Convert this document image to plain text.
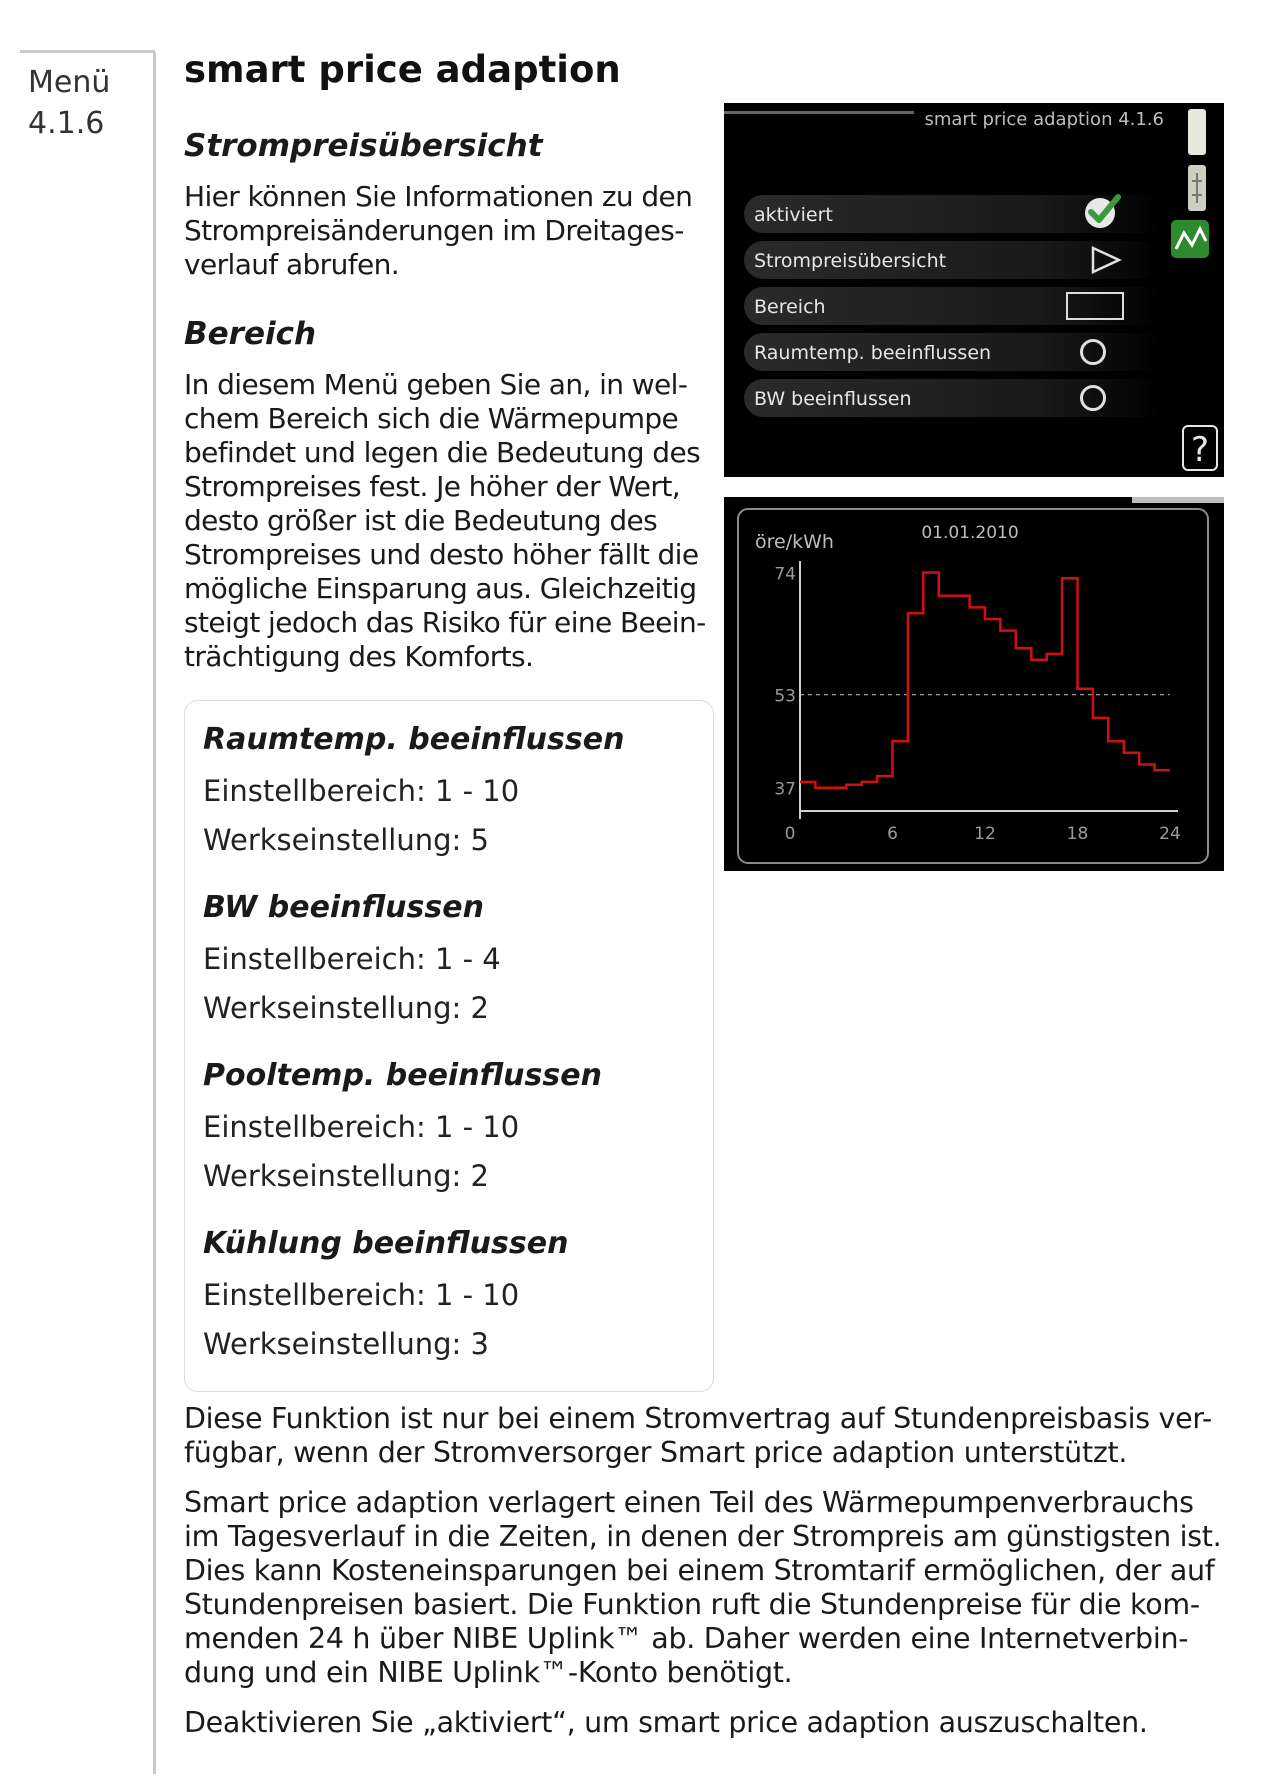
Menü
4.1.6
smart price adaption

Strompreisübersicht

Hier können Sie Informationen zu den

Strompreisänderungen im Dreitages-

verlauf abrufen.

Bereich

In diesem Menü geben Sie an, in wel-

chem Bereich sich die Wärmepumpe

befindet und legen die Bedeutung des

Strompreises fest. Je höher der Wert,

desto größer ist die Bedeutung des

Strompreises und desto höher fällt die

mögliche Einsparung aus. Gleichzeitig

steigt jedoch das Risiko für eine Beein-

trächtigung des Komforts.

Raumtemp. beeinflussen

Einstellbereich: 1 - 10

Werkseinstellung: 5

BW beeinflussen

Einstellbereich: 1 - 4

Werkseinstellung: 2

Pooltemp. beeinflussen

Einstellbereich: 1 - 10

Werkseinstellung: 2

Kühlung beeinflussen

Einstellbereich: 1 - 10

Werkseinstellung: 3

Diese Funktion ist nur bei einem Stromvertrag auf Stundenpreisbasis ver-

fügbar, wenn der Stromversorger Smart price adaption unterstützt.

Smart price adaption verlagert einen Teil des Wärmepumpenverbrauchs

im Tagesverlauf in die Zeiten, in denen der Strompreis am günstigsten ist.

Dies kann Kosteneinsparungen bei einem Stromtarif ermöglichen, der auf

Stundenpreisen basiert. Die Funktion ruft die Stundenpreise für die kom-

menden 24 h über NIBE Uplink™ ab. Daher werden eine Internetverbin-

dung und ein NIBE Uplink™-Konto benötigt.

Deaktivieren Sie „aktiviert“, um smart price adaption auszuschalten.

smart price adaption 4.1.6
aktiviert
Strompreisübersicht
Bereich
Raumtemp. beeinflussen
BW beeinflussen
?
öre/kWh	01.01.2010
37
53
74
0	6	12	18	24
